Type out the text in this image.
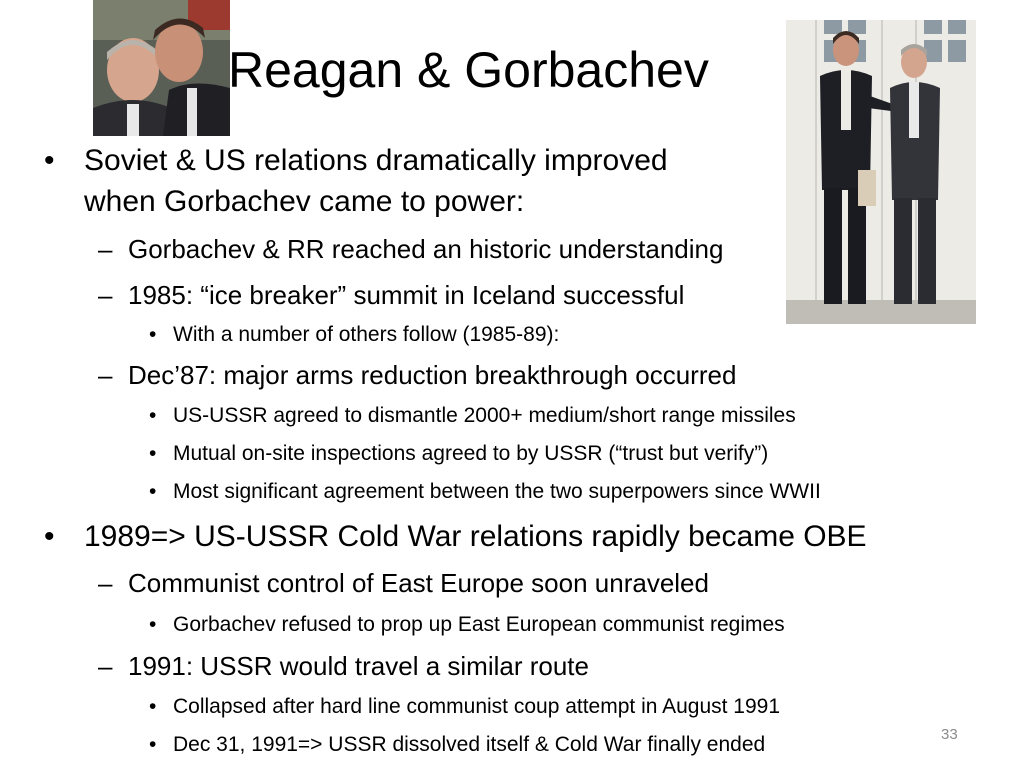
Reagan & Gorbachev
• Soviet & US relations dramatically improved
when Gorbachev came to power:
– Gorbachev & RR reached an historic understanding
– 1985: “ice breaker” summit in Iceland successful
• With a number of others follow (1985-89):
– Dec’87: major arms reduction breakthrough occurred
• US-USSR agreed to dismantle 2000+ medium/short range missiles
• Mutual on-site inspections agreed to by USSR (“trust but verify”)
• Most significant agreement between the two superpowers since WWII
• 1989=> US-USSR Cold War relations rapidly became OBE
– Communist control of East Europe soon unraveled
• Gorbachev refused to prop up East European communist regimes
– 1991: USSR would travel a similar route
• Collapsed after hard line communist coup attempt in August 1991
• Dec 31, 1991=> USSR dissolved itself & Cold War finally ended	33
